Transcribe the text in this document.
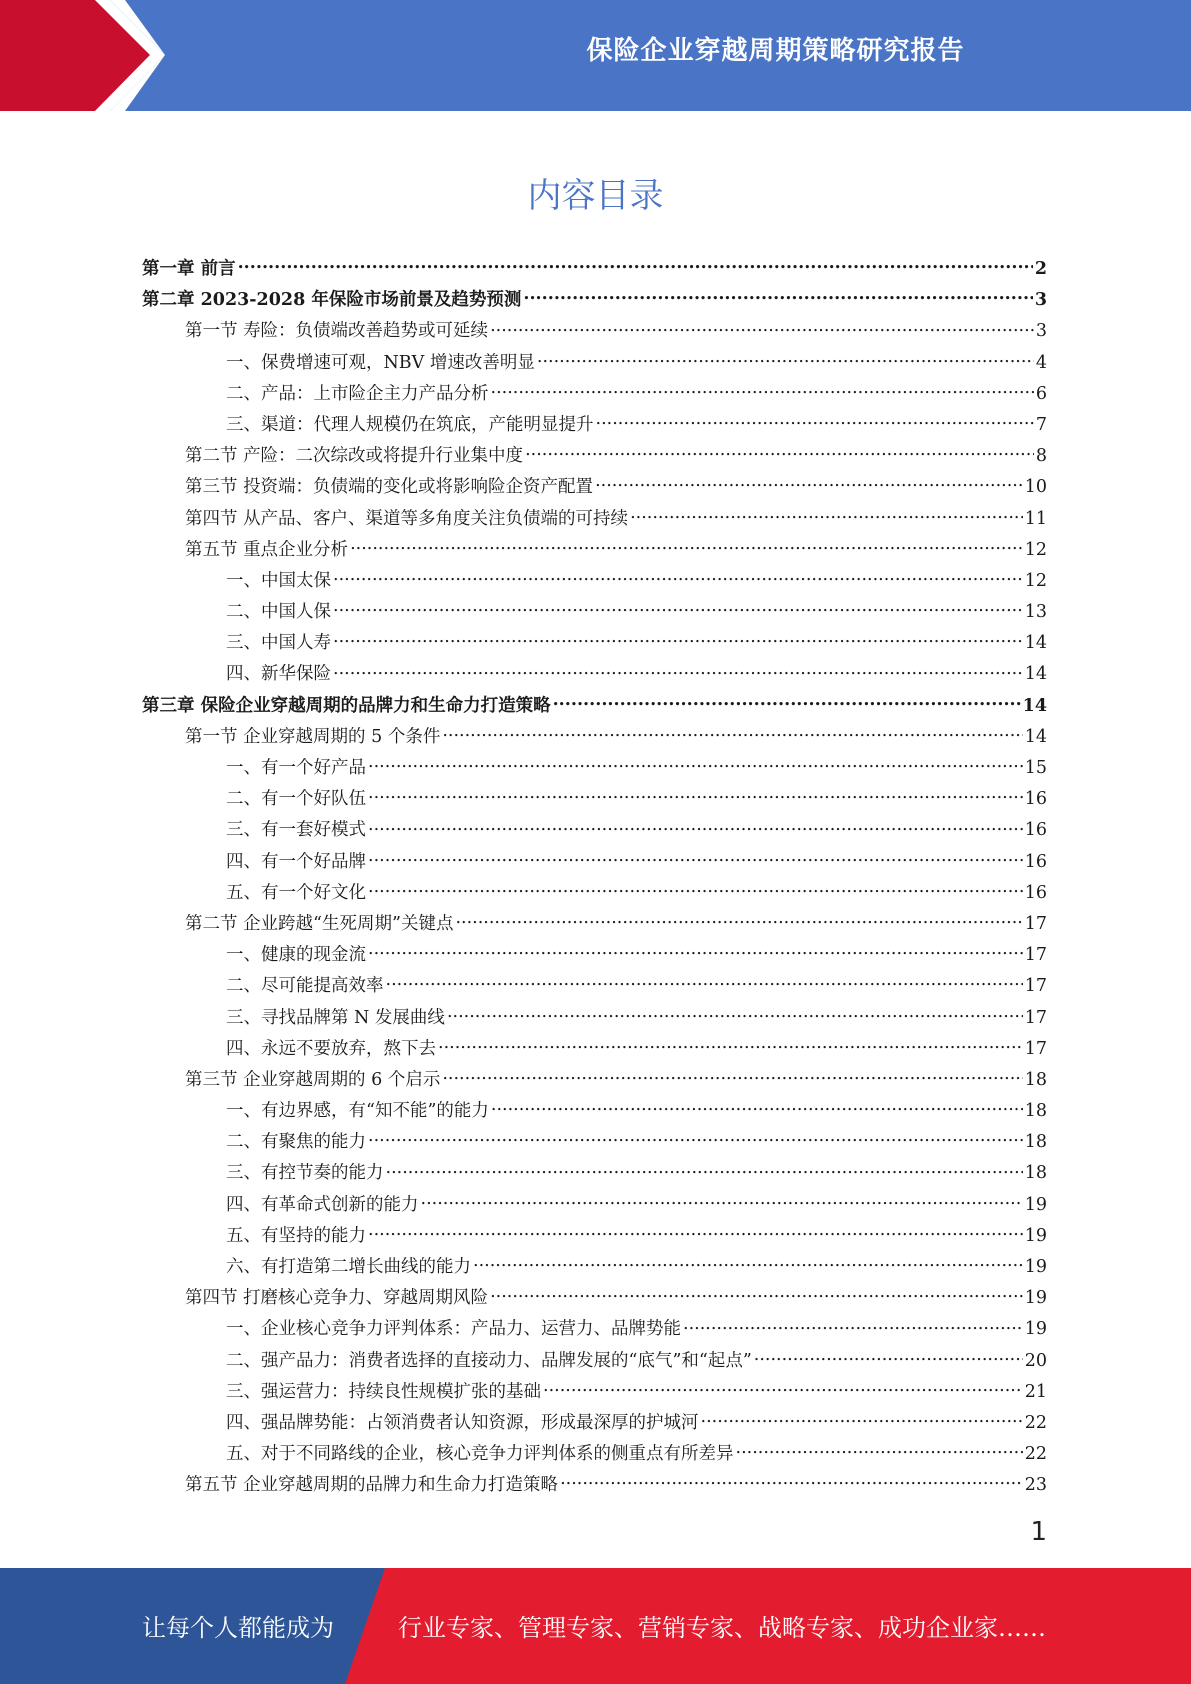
保险企业穿越周期策略研究报告
内容目录
第一章 前言 .....	2
第二章 2023-2028 年保险市场前景及趋势预测 .....	3
第一节 寿险：负债端改善趋势或可延续 .....	3
一、保费增速可观，NBV 增速改善明显 .....	4
二、产品：上市险企主力产品分析 .....	6
三、渠道：代理人规模仍在筑底，产能明显提升 .....	7
第二节 产险：二次综改或将提升行业集中度 .....	8
第三节 投资端：负债端的变化或将影响险企资产配置 .....	10
第四节 从产品、客户、渠道等多角度关注负债端的可持续 .....	11
第五节 重点企业分析 .....	12
一、中国太保 .....	12
二、中国人保 .....	13
三、中国人寿 .....	14
四、新华保险 .....	14
第三章 保险企业穿越周期的品牌力和生命力打造策略 .....	14
第一节 企业穿越周期的 5 个条件 .....	14
一、有一个好产品 .....	15
二、有一个好队伍 .....	16
三、有一套好模式 .....	16
四、有一个好品牌 .....	16
五、有一个好文化 .....	16
第二节 企业跨越“生死周期”关键点 .....	17
一、健康的现金流 .....	17
二、尽可能提高效率 .....	17
三、寻找品牌第 N 发展曲线 .....	17
四、永远不要放弃，熬下去 .....	17
第三节 企业穿越周期的 6 个启示 .....	18
一、有边界感，有“知不能”的能力 .....	18
二、有聚焦的能力 .....	18
三、有控节奏的能力 .....	18
四、有革命式创新的能力 .....	19
五、有坚持的能力 .....	19
六、有打造第二增长曲线的能力 .....	19
第四节 打磨核心竞争力、穿越周期风险 .....	19
一、企业核心竞争力评判体系：产品力、运营力、品牌势能 .....	19
二、强产品力：消费者选择的直接动力、品牌发展的“底气”和“起点” .....	20
三、强运营力：持续良性规模扩张的基础 .....	21
四、强品牌势能：占领消费者认知资源，形成最深厚的护城河 .....	22
五、对于不同路线的企业，核心竞争力评判体系的侧重点有所差异 .....	22
第五节 企业穿越周期的品牌力和生命力打造策略 .....	23
1
让每个人都能成为	行业专家、管理专家、营销专家、战略专家、成功企业家……
